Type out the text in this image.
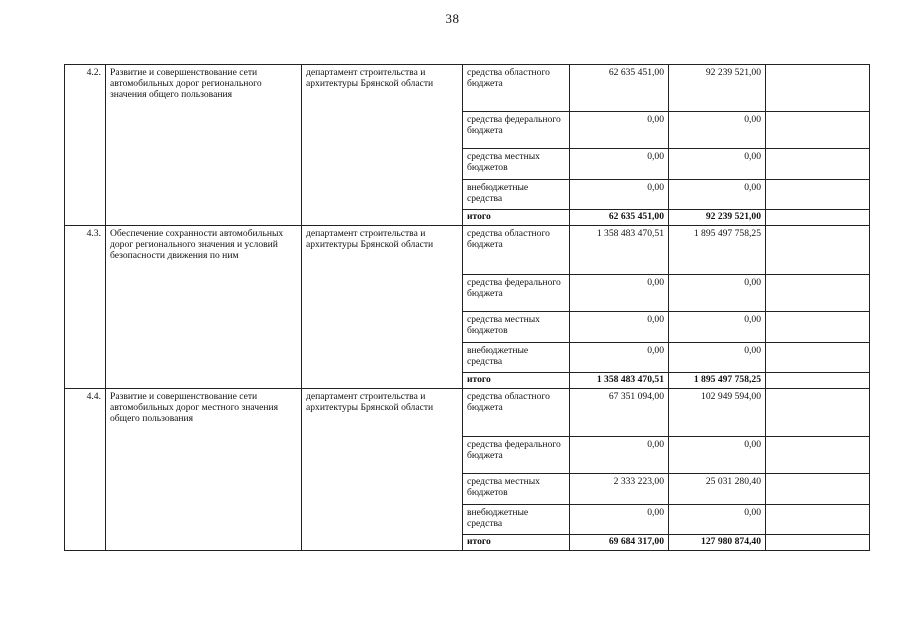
38
4.2.	Развитие и совершенствование сети автомобильных дорог регионального значения общего пользования	департамент строительства и архитектуры Брянской области	средства областного бюджета	62 635 451,00	92 239 521,00	
			средства федерального бюджета	0,00	0,00	
			средства местных бюджетов	0,00	0,00	
			внебюджетные средства	0,00	0,00	
			итого	62 635 451,00	92 239 521,00	
4.3.	Обеспечение сохранности автомобильных дорог регионального значения и условий безопасности движения по ним	департамент строительства и архитектуры Брянской области	средства областного бюджета	1 358 483 470,51	1 895 497 758,25	
			средства федерального бюджета	0,00	0,00	
			средства местных бюджетов	0,00	0,00	
			внебюджетные средства	0,00	0,00	
			итого	1 358 483 470,51	1 895 497 758,25	
4.4.	Развитие и совершенствование сети автомобильных дорог местного значения общего пользования	департамент строительства и архитектуры Брянской области	средства областного бюджета	67 351 094,00	102 949 594,00	
			средства федерального бюджета	0,00	0,00	
			средства местных бюджетов	2 333 223,00	25 031 280,40	
			внебюджетные средства	0,00	0,00	
			итого	69 684 317,00	127 980 874,40	
